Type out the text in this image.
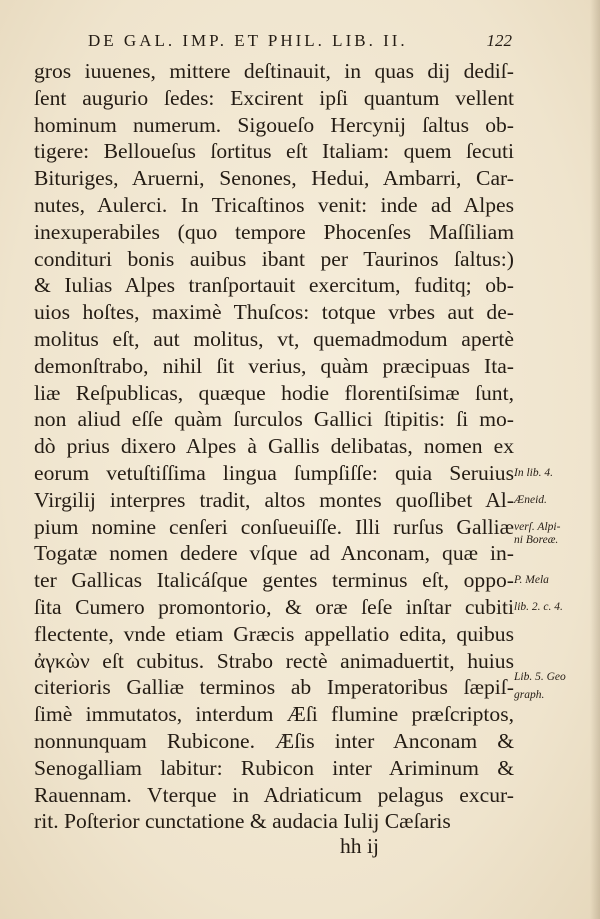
DE GAL. IMP. ET PHIL. LIB. II.	122
gros iuuenes, mittere deſtinauit, in quas dij dediſ-
ſent augurio ſedes: Excirent ipſi quantum vellent
hominum numerum. Sigoueſo Hercynij ſaltus ob-
tigere: Belloueſus ſortitus eſt Italiam: quem ſecuti
Bituriges, Aruerni, Senones, Hedui, Ambarri, Car-
nutes, Aulerci. In Tricaſtinos venit: inde ad Alpes
inexuperabiles (quo tempore Phocenſes Maſſiliam
condituri bonis auibus ibant per Taurinos ſaltus:)
& Iulias Alpes tranſportauit exercitum, fuditq; ob-
uios hoſtes, maximè Thuſcos: totque vrbes aut de-
molitus eſt, aut molitus, vt, quemadmodum apertè
demonſtrabo, nihil ſit verius, quàm præcipuas Ita-
liæ Reſpublicas, quæque hodie florentiſsimæ ſunt,
non aliud eſſe quàm ſurculos Gallici ſtipitis: ſi mo-
dò prius dixero Alpes à Gallis delibatas, nomen ex
eorum vetuſtiſſima lingua ſumpſiſſe: quia Seruius
Virgilij interpres tradit, altos montes quoſlibet Al-
pium nomine cenſeri conſueuiſſe. Illi rurſus Galliæ
Togatæ nomen dedere vſque ad Anconam, quæ in-
ter Gallicas Italicáſque gentes terminus eſt, oppo-
ſita Cumero promontorio, & oræ ſeſe inſtar cubiti
flectente, vnde etiam Græcis appellatio edita, quibus
ἀγκὼν eſt cubitus. Strabo rectè animaduertit, huius
citerioris Galliæ terminos ab Imperatoribus ſæpiſ-
ſimè immutatos, interdum Æſi flumine præſcriptos,
nonnunquam Rubicone. Æſis inter Anconam &
Senogalliam labitur: Rubicon inter Ariminum &
Rauennam. Vterque in Adriaticum pelagus excur-
rit. Poſterior cunctatione & audacia Iulij Cæſaris
In lib. 4.
Æneid.
verſ. Alpi-
ni Boreæ.
P. Mela
lib. 2. c. 4.
Lib. 5. Geo
graph.
hh ij
